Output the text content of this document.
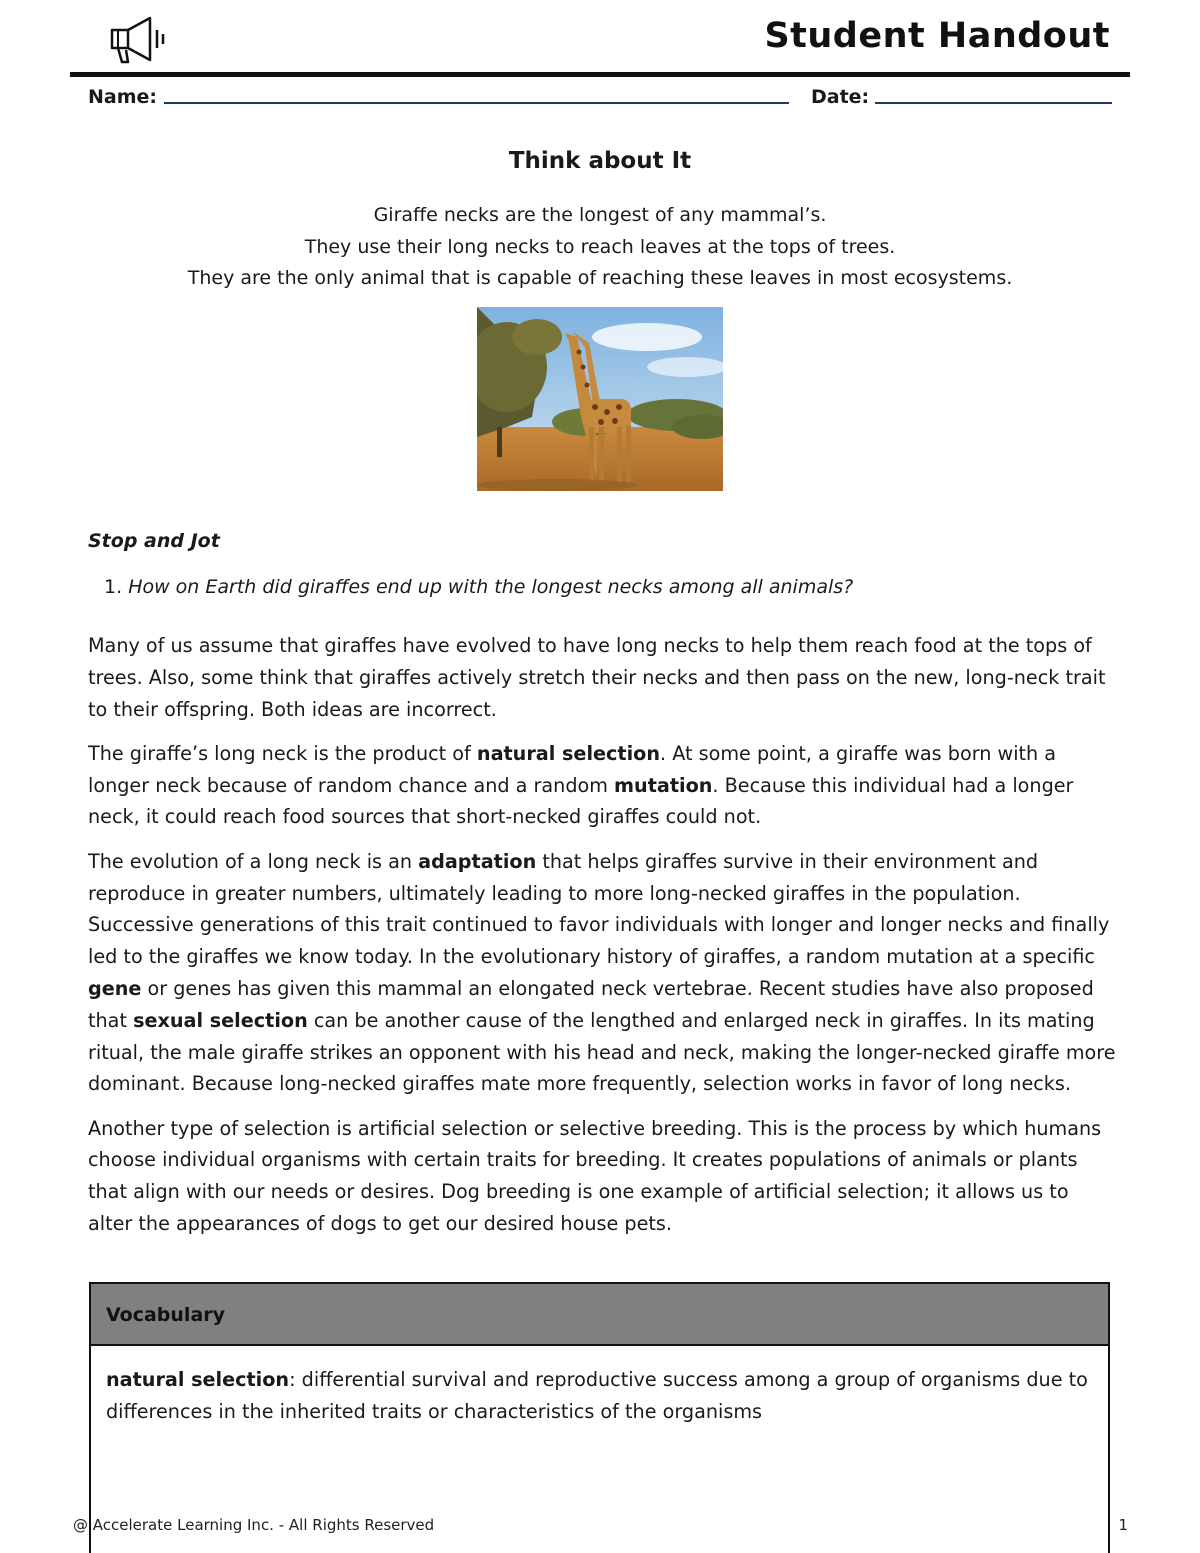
Student Handout
Name:	Date:
Think about It
Giraffe necks are the longest of any mammal’s.
They use their long necks to reach leaves at the tops of trees.
They are the only animal that is capable of reaching these leaves in most ecosystems.
Stop and Jot
1. How on Earth did giraffes end up with the longest necks among all animals?

Many of us assume that giraffes have evolved to have long necks to help them reach food at the tops of trees. Also, some think that giraffes actively stretch their necks and then pass on the new, long-neck trait to their offspring. Both ideas are incorrect.

The giraffe’s long neck is the product of natural selection. At some point, a giraffe was born with a longer neck because of random chance and a random mutation. Because this individual had a longer neck, it could reach food sources that short-necked giraffes could not.

The evolution of a long neck is an adaptation that helps giraffes survive in their environment and reproduce in greater numbers, ultimately leading to more long-necked giraffes in the population. Successive generations of this trait continued to favor individuals with longer and longer necks and finally led to the giraffes we know today. In the evolutionary history of giraffes, a random mutation at a specific gene or genes has given this mammal an elongated neck vertebrae. Recent studies have also proposed that sexual selection can be another cause of the lengthed and enlarged neck in giraffes. In its mating ritual, the male giraffe strikes an opponent with his head and neck, making the longer-necked giraffe more dominant. Because long-necked giraffes mate more frequently, selection works in favor of long necks.

Another type of selection is artificial selection or selective breeding. This is the process by which humans choose individual organisms with certain traits for breeding. It creates populations of animals or plants that align with our needs or desires. Dog breeding is one example of artificial selection; it allows us to alter the appearances of dogs to get our desired house pets.

Vocabulary
natural selection: differential survival and reproductive success among a group of organisms due to differences in the inherited traits or characteristics of the organisms
@ Accelerate Learning Inc. - All Rights Reserved	1
